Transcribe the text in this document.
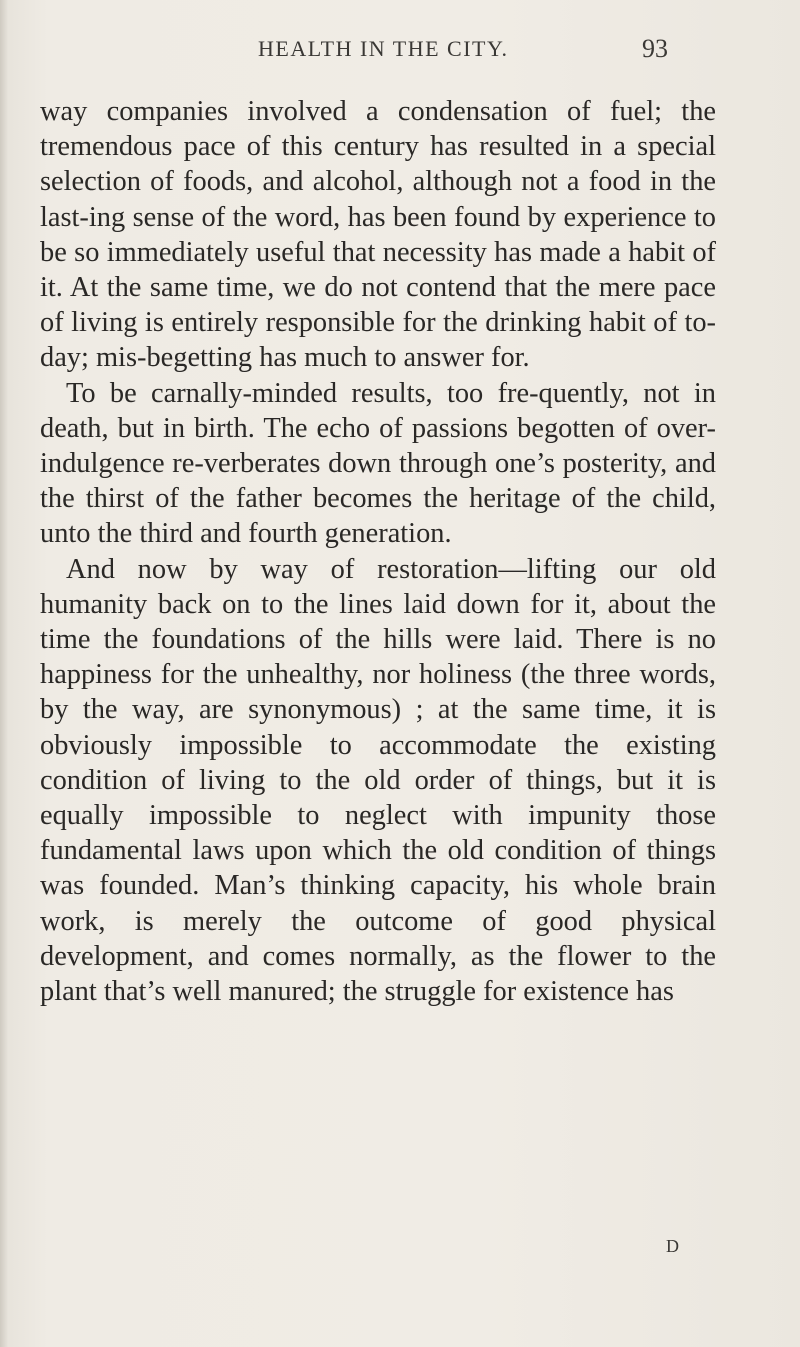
HEALTH IN THE CITY.	93

way companies involved a condensation of fuel; the tremendous pace of this century has resulted in a special selection of foods, and alcohol, although not a food in the last-ing sense of the word, has been found by experience to be so immediately useful that necessity has made a habit of it. At the same time, we do not contend that the mere pace of living is entirely responsible for the drinking habit of to-day; mis-begetting has much to answer for.

To be carnally-minded results, too fre-quently, not in death, but in birth. The echo of passions begotten of over-indulgence re-verberates down through one’s posterity, and the thirst of the father becomes the heritage of the child, unto the third and fourth generation.

And now by way of restoration—lifting our old humanity back on to the lines laid down for it, about the time the foundations of the hills were laid. There is no happiness for the unhealthy, nor holiness (the three words, by the way, are synonymous) ; at the same time, it is obviously impossible to accommodate the existing condition of living to the old order of things, but it is equally impossible to neglect with impunity those fundamental laws upon which the old condition of things was founded. Man’s thinking capacity, his whole brain work, is merely the outcome of good physical development, and comes normally, as the flower to the plant that’s well manured; the struggle for existence has

D
